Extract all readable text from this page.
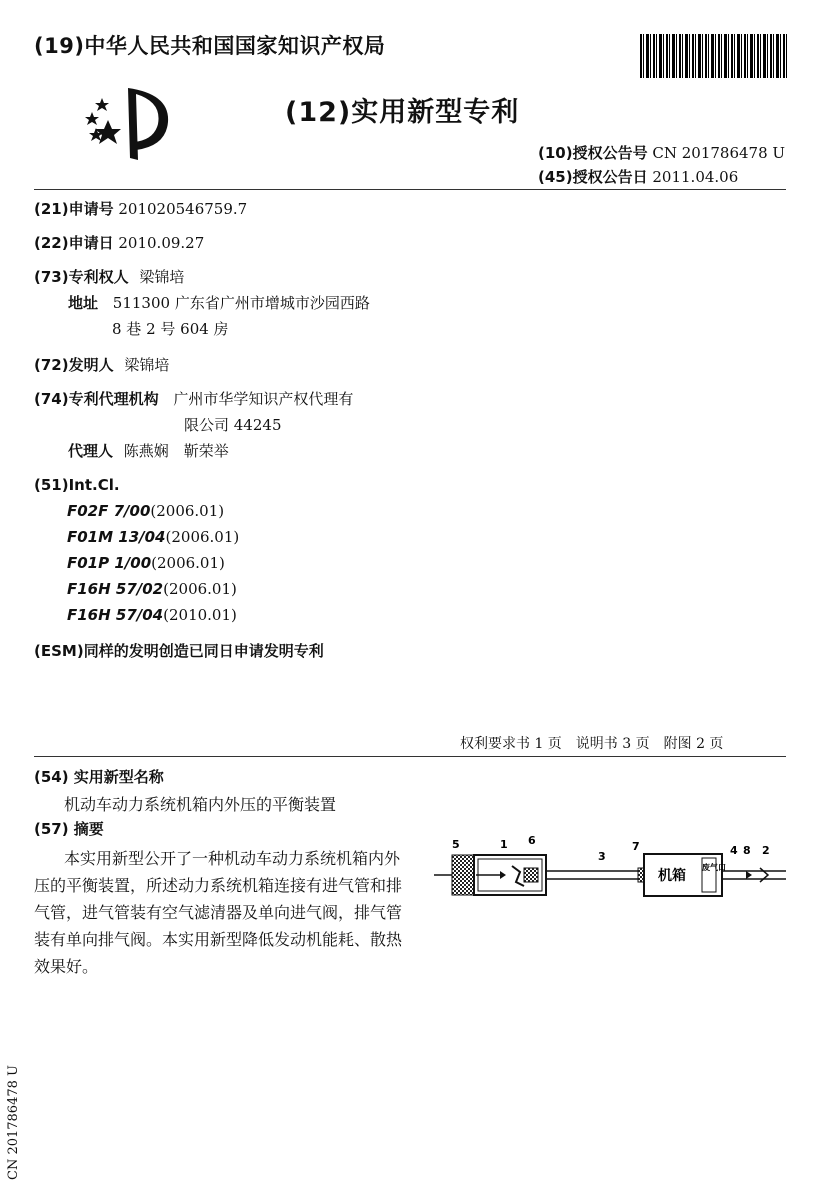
(19)中华人民共和国国家知识产权局
(12)实用新型专利
(10)授权公告号 CN 201786478 U
(45)授权公告日 2011.04.06
(21)申请号 201020546759.7
(22)申请日 2010.09.27
(73)专利权人 梁锦培
地址 511300 广东省广州市增城市沙园西路
8 巷 2 号 604 房
(72)发明人 梁锦培
(74)专利代理机构 广州市华学知识产权代理有
限公司 44245
代理人 陈燕娴　靳荣举
(51)Int.Cl.
F02F 7/00(2006.01)
F01M 13/04(2006.01)
F01P 1/00(2006.01)
F16H 57/02(2006.01)
F16H 57/04(2010.01)
(ESM)同样的发明创造已同日申请发明专利
权利要求书 1 页　说明书 3 页　附图 2 页
(54) 实用新型名称
机动车动力系统机箱内外压的平衡装置
(57) 摘要
本实用新型公开了一种机动车动力系统机箱内外压的平衡装置，所述动力系统机箱连接有进气管和排气管，进气管装有空气滤清器及单向进气阀，排气管装有单向排气阀。本实用新型降低发动机能耗、散热效果好。
机箱
废气口
5	1 6
3
7	4 8 2
CN 201786478 U
